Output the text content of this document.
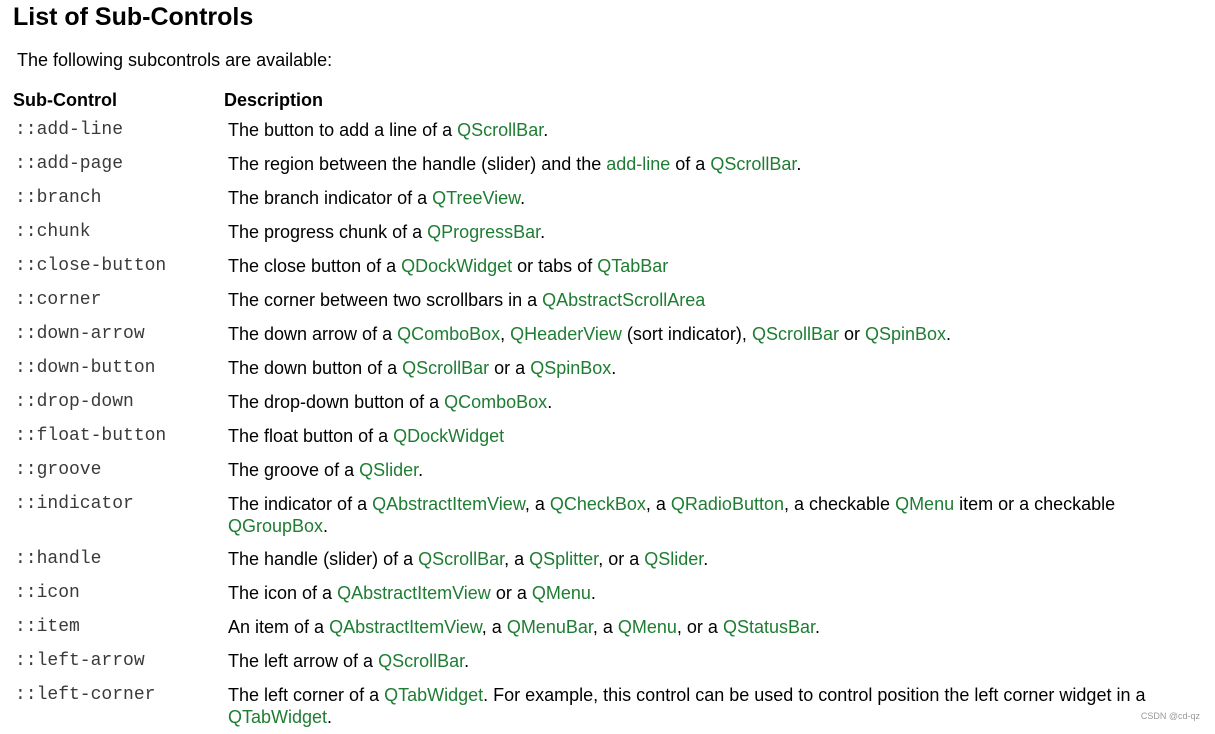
List of Sub-Controls

The following subcontrols are available:

Sub-Control	Description
::add-line	The button to add a line of a QScrollBar.
::add-page	The region between the handle (slider) and the add-line of a QScrollBar.
::branch	The branch indicator of a QTreeView.
::chunk	The progress chunk of a QProgressBar.
::close-button	The close button of a QDockWidget or tabs of QTabBar
::corner	The corner between two scrollbars in a QAbstractScrollArea
::down-arrow	The down arrow of a QComboBox, QHeaderView (sort indicator), QScrollBar or QSpinBox.
::down-button	The down button of a QScrollBar or a QSpinBox.
::drop-down	The drop-down button of a QComboBox.
::float-button	The float button of a QDockWidget
::groove	The groove of a QSlider.
::indicator	The indicator of a QAbstractItemView, a QCheckBox, a QRadioButton, a checkable QMenu item or a checkable QGroupBox.
::handle	The handle (slider) of a QScrollBar, a QSplitter, or a QSlider.
::icon	The icon of a QAbstractItemView or a QMenu.
::item	An item of a QAbstractItemView, a QMenuBar, a QMenu, or a QStatusBar.
::left-arrow	The left arrow of a QScrollBar.
::left-corner	The left corner of a QTabWidget. For example, this control can be used to control position the left corner widget in a QTabWidget.	CSDN @cd-qz
